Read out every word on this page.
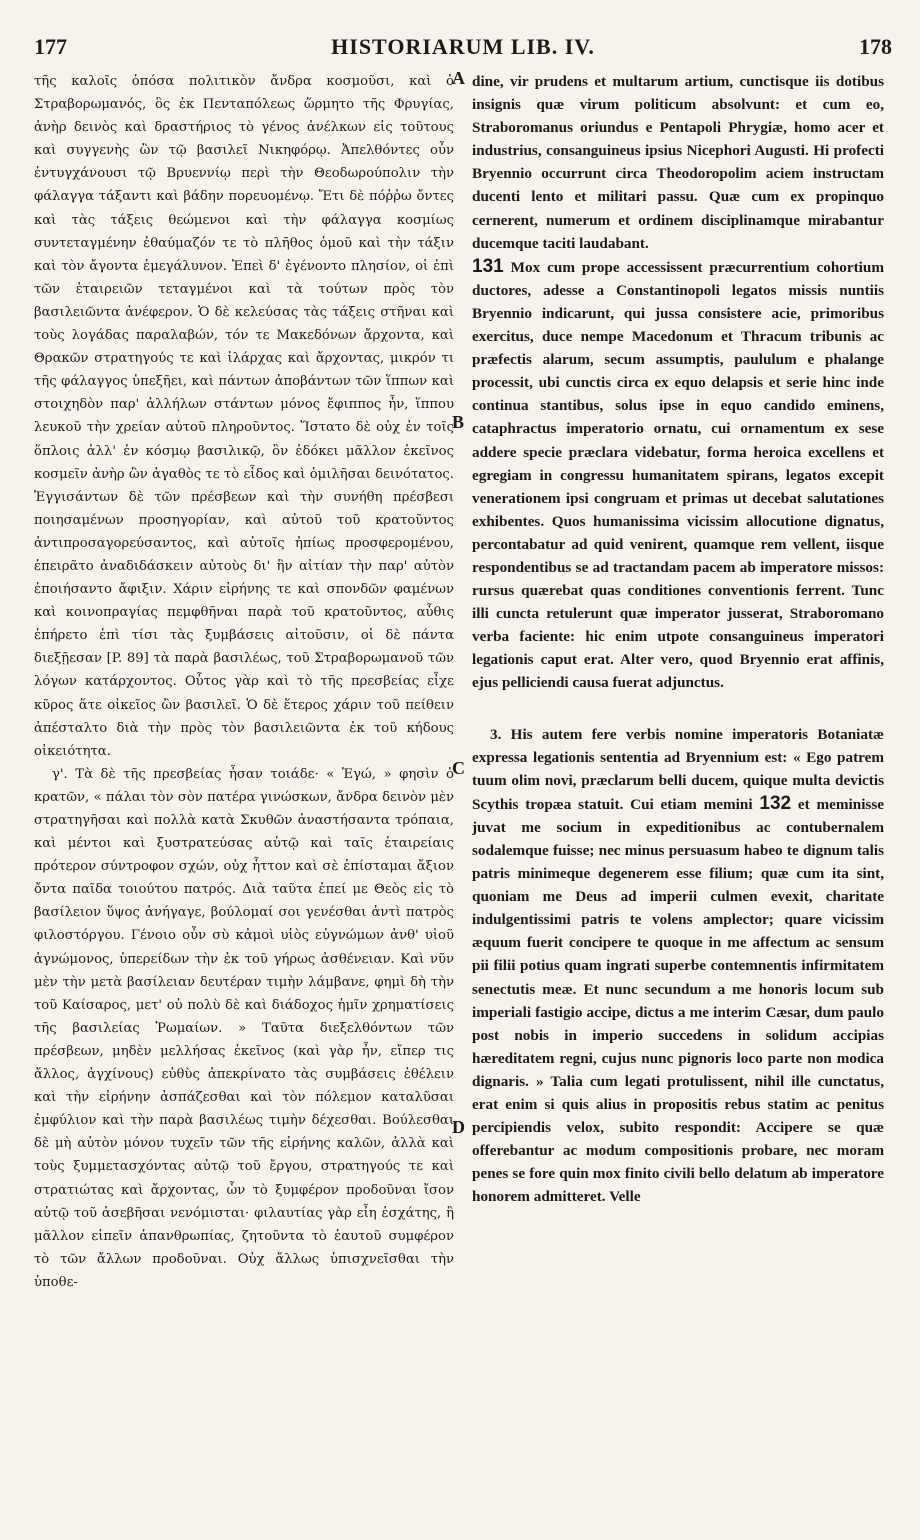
177	HISTORIARUM LIB. IV.	178

τῆς καλοῖς ὁπόσα πολιτικὸν ἄνδρα κοσμοῦσι, καὶ ὁ Στραβορωμανός, ὃς ἐκ Πενταπόλεως ὥρμητο τῆς Φρυγίας, ἀνὴρ δεινὸς καὶ δραστήριος τὸ γένος ἀνέλκων εἰς τοῦτους καὶ συγγενὴς ὢν τῷ βασιλεῖ Νικηφόρῳ. Ἀπελθόντες οὖν ἐντυγχάνουσι τῷ Βρυεννίῳ περὶ τὴν Θεοδωρούπολιν τὴν φάλαγγα τάξαντι καὶ βάδην πορευομένῳ. Ἔτι δὲ πόῤῥω ὄντες καὶ τὰς τάξεις θεώμενοι καὶ τὴν φάλαγγα κοσμίως συντεταγμένην ἐθαύμαζόν τε τὸ πλῆθος ὁμοῦ καὶ τὴν τάξιν καὶ τὸν ἄγοντα ἐμεγάλυνον. Ἐπεὶ δ' ἐγένοντο πλησίον, οἱ ἐπὶ τῶν ἑταιρειῶν τεταγμένοι καὶ τὰ τούτων πρὸς τὸν βασιλειῶντα ἀνέφερον. Ὁ δὲ κελεύσας τὰς τάξεις στῆναι καὶ τοὺς λογάδας παραλαβών, τόν τε Μακεδόνων ἄρχοντα, καὶ Θρακῶν στρατηγούς τε καὶ ἰλάρχας καὶ ἄρχοντας, μικρόν τι τῆς φάλαγγος ὑπεξῆει, καὶ πάντων ἀποβάντων τῶν ἵππων καὶ στοιχηδὸν παρ' ἀλλήλων στάντων μόνος ἔφιππος ἦν, ἵππου λευκοῦ τὴν χρείαν αὐτοῦ πληροῦντος. Ἵστατο δὲ οὐχ ἐν τοῖς ὅπλοις ἀλλ' ἐν κόσμῳ βασιλικῷ, ὃν ἐδόκει μᾶλλον ἐκεῖνος κοσμεῖν ἀνὴρ ὢν ἀγαθὸς τε τὸ εἶδος καὶ ὁμιλῆσαι δεινότατος. Ἐγγισάντων δὲ τῶν πρέσβεων καὶ τὴν συνήθη πρέσβεσι ποιησαμένων προσηγορίαν, καὶ αὐτοῦ τοῦ κρατοῦντος ἀντιπροσαγορεύσαντος, καὶ αὐτοῖς ἠπίως προσφερομένου, ἐπειρᾶτο ἀναδιδάσκειν αὐτοὺς δι' ἣν αἰτίαν τὴν παρ' αὐτὸν ἐποιήσαντο ἄφιξιν. Χάριν εἰρήνης τε καὶ σπονδῶν φαμένων καὶ κοινοπραγίας πεμφθῆναι παρὰ τοῦ κρατοῦντος, αὖθις ἐπήρετο ἐπὶ τίσι τὰς ξυμβάσεις αἰτοῦσιν, οἱ δὲ πάντα διεξῇεσαν [P. 89] τὰ παρὰ βασιλέως, τοῦ Στραβορωμανοῦ τῶν λόγων κατάρχοντος. Οὗτος γὰρ καὶ τὸ τῆς πρεσβείας εἶχε κῦρος ἅτε οἰκεῖος ὢν βασιλεῖ. Ὁ δὲ ἕτερος χάριν τοῦ πείθειν ἀπέσταλτο διὰ τὴν πρὸς τὸν βασιλειῶντα ἐκ τοῦ κήδους οἰκειότητα.

γ'. Τὰ δὲ τῆς πρεσβείας ἦσαν τοιάδε· « Ἐγώ, » φησὶν ὁ κρατῶν, « πάλαι τὸν σὸν πατέρα γινώσκων, ἄνδρα δεινὸν μὲν στρατηγῆσαι καὶ πολλὰ κατὰ Σκυθῶν ἀναστήσαντα τρόπαια, καὶ μέντοι καὶ ξυστρατεύσας αὐτῷ καὶ ταῖς ἑταιρείαις πρότερον σύντροφον σχών, οὐχ ἧττον καὶ σὲ ἐπίσταμαι ἄξιον ὄντα παῖδα τοιούτου πατρός. Διὰ ταῦτα ἐπεί με Θεὸς εἰς τὸ βασίλειον ὕψος ἀνήγαγε, βούλομαί σοι γενέσθαι ἀντὶ πατρὸς φιλοστόργου. Γένοιο οὖν σὺ κἀμοὶ υἱὸς εὐγνώμων ἀνθ' υἱοῦ ἀγνώμονος, ὑπερείδων τὴν ἐκ τοῦ γήρως ἀσθένειαν. Καὶ νῦν μὲν τὴν μετὰ βασίλειαν δευτέραν τιμὴν λάμβανε, φημὶ δὴ τὴν τοῦ Καίσαρος, μετ' οὐ πολὺ δὲ καὶ διάδοχος ἡμῖν χρηματίσεις τῆς βασιλείας Ῥωμαίων. » Ταῦτα διεξελθόντων τῶν πρέσβεων, μηδὲν μελλήσας ἐκεῖνος (καὶ γὰρ ἦν, εἴπερ τις ἄλλος, ἀγχίνους) εὐθὺς ἀπεκρίνατο τὰς συμβάσεις ἐθέλειν καὶ τὴν εἰρήνην ἀσπάζεσθαι καὶ τὸν πόλεμον καταλῦσαι ἐμφύλιον καὶ τὴν παρὰ βασιλέως τιμὴν δέχεσθαι. Βούλεσθαι δὲ μὴ αὐτὸν μόνον τυχεῖν τῶν τῆς εἰρήνης καλῶν, ἀλλὰ καὶ τοὺς ξυμμετασχόντας αὐτῷ τοῦ ἔργου, στρατηγούς τε καὶ στρατιώτας καὶ ἄρχοντας, ὧν τὸ ξυμφέρον προδοῦναι ἴσον αὐτῷ τοῦ ἀσεβῆσαι νενόμισται· φιλαυτίας γὰρ εἶη ἐσχάτης, ἢ μᾶλλον εἰπεῖν ἀπανθρωπίας, ζητοῦντα τὸ ἑαυτοῦ συμφέρον τὸ τῶν ἄλλων προδοῦναι. Οὐχ ἄλλως ὑπισχνεῖσθαι τὴν ὑποθε-

A
B
C
D

dine, vir prudens et multarum artium, cunctisque iis dotibus insignis quæ virum politicum absolvunt: et cum eo, Straboromanus oriundus e Pentapoli Phrygiæ, homo acer et industrius, consanguineus ipsius Nicephori Augusti. Hi profecti Bryennio occurrunt circa Theodoropolim aciem instructam ducenti lento et militari passu. Quæ cum ex propinquo cernerent, numerum et ordinem disciplinamque mirabantur ducemque taciti laudabant.

131 Mox cum prope accessissent præcurrentium cohortium ductores, adesse a Constantinopoli legatos missis nuntiis Bryennio indicarunt, qui jussa consistere acie, primoribus exercitus, duce nempe Macedonum et Thracum tribunis ac præfectis alarum, secum assumptis, paululum e phalange processit, ubi cunctis circa ex equo delapsis et serie hinc inde continua stantibus, solus ipse in equo candido eminens, cataphractus imperatorio ornatu, cui ornamentum ex sese addere specie præclara videbatur, forma heroica excellens et egregiam in congressu humanitatem spirans, legatos excepit venerationem ipsi congruam et primas ut decebat salutationes exhibentes. Quos humanissima vicissim allocutione dignatus, percontabatur ad quid venirent, quamque rem vellent, iisque respondentibus se ad tractandam pacem ab imperatore missos: rursus quærebat quas conditiones conventionis ferrent. Tunc illi cuncta retulerunt quæ imperator jusserat, Straboromano verba faciente: hic enim utpote consanguineus imperatori legationis caput erat. Alter vero, quod Bryennio erat affinis, ejus pelliciendi causa fuerat adjunctus.

3. His autem fere verbis nomine imperatoris Botaniatæ expressa legationis sententia ad Bryennium est: « Ego patrem tuum olim novi, præclarum belli ducem, quique multa devictis Scythis tropæa statuit. Cui etiam memini 132 et meminisse juvat me socium in expeditionibus ac contubernalem sodalemque fuisse; nec minus persuasum habeo te dignum talis patris minimeque degenerem esse filium; quæ cum ita sint, quoniam me Deus ad imperii culmen evexit, charitate indulgentissimi patris te volens amplector; quare vicissim æquum fuerit concipere te quoque in me affectum ac sensum pii filii potius quam ingrati superbe contemnentis infirmitatem senectutis meæ. Et nunc secundum a me honoris locum sub imperiali fastigio accipe, dictus a me interim Cæsar, dum paulo post nobis in imperio succedens in solidum accipias hæreditatem regni, cujus nunc pignoris loco parte non modica dignaris. » Talia cum legati protulissent, nihil ille cunctatus, erat enim si quis alius in propositis rebus statim ac penitus percipiendis velox, subito respondit: Accipere se quæ offerebantur ac modum compositionis probare, nec moram penes se fore quin mox finito civili bello delatum ab imperatore honorem admitteret. Velle
